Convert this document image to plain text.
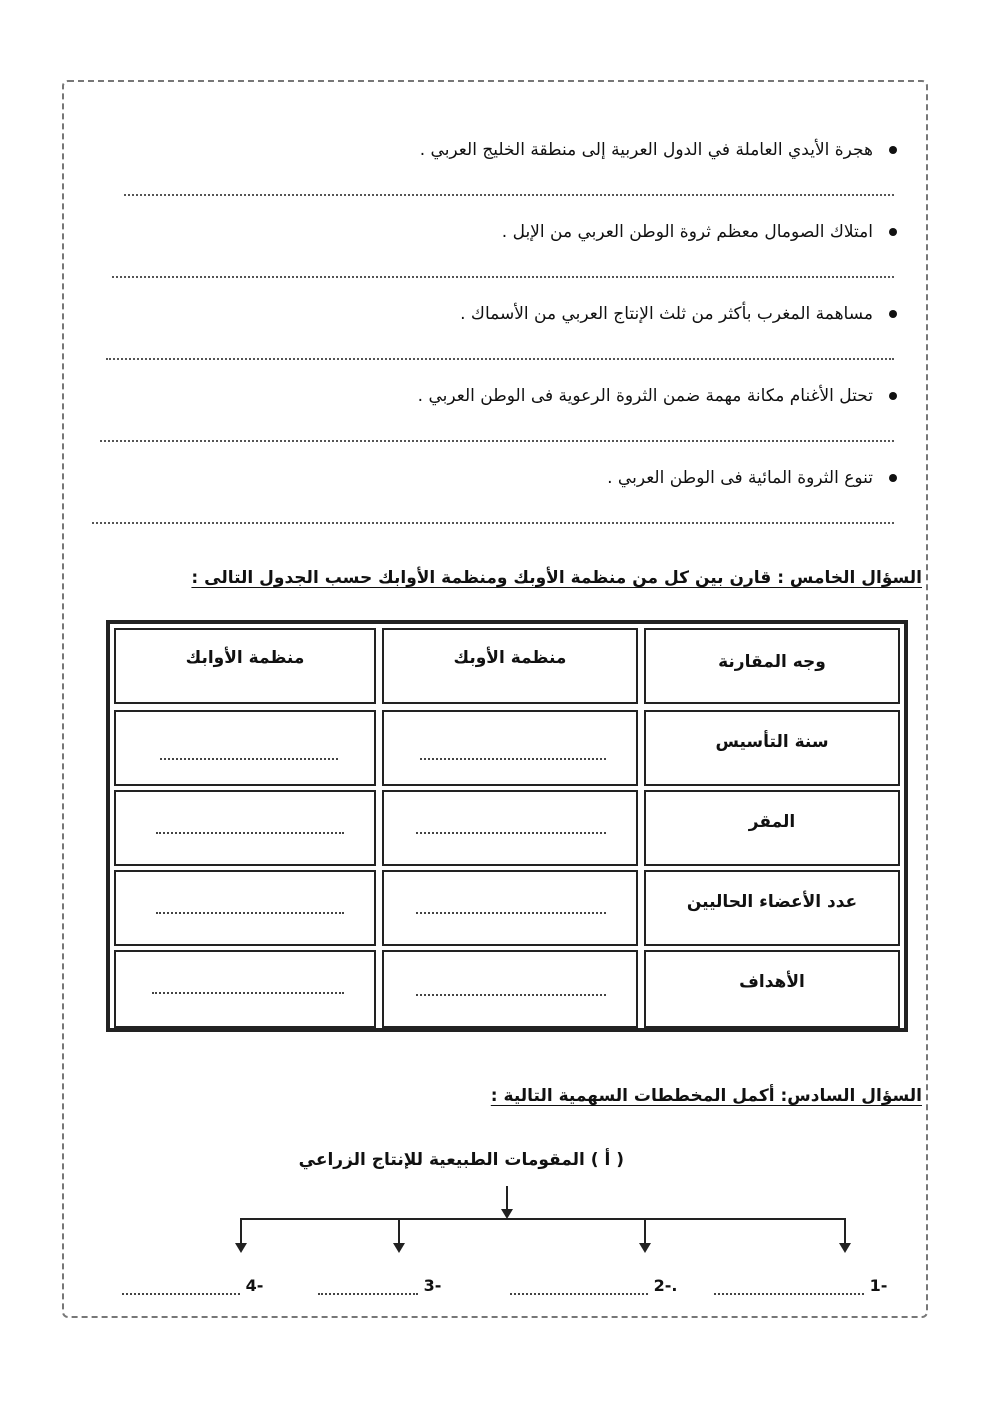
هجرة الأيدي العاملة في الدول العربية إلى منطقة الخليج العربي .
امتلاك الصومال معظم ثروة الوطن العربي من الإبل .
مساهمة المغرب بأكثر من ثلث الإنتاج العربي من الأسماك .
تحتل الأغنام مكانة مهمة ضمن الثروة الرعوية فى الوطن العربي .
تنوع الثروة المائية فى الوطن العربي .
السؤال الخامس : قارن بين كل من منظمة الأوبك ومنظمة الأوابك حسب الجدول التالى :
وجه المقارنة
منظمة الأوبك
منظمة الأوابك
سنة التأسيس
المقر
عدد الأعضاء الحاليين
الأهداف
السؤال السادس: أكمل المخططات السهمية التالية :
( أ ) المقومات الطبيعية للإنتاج الزراعي
1-
2-.
3-
4-
